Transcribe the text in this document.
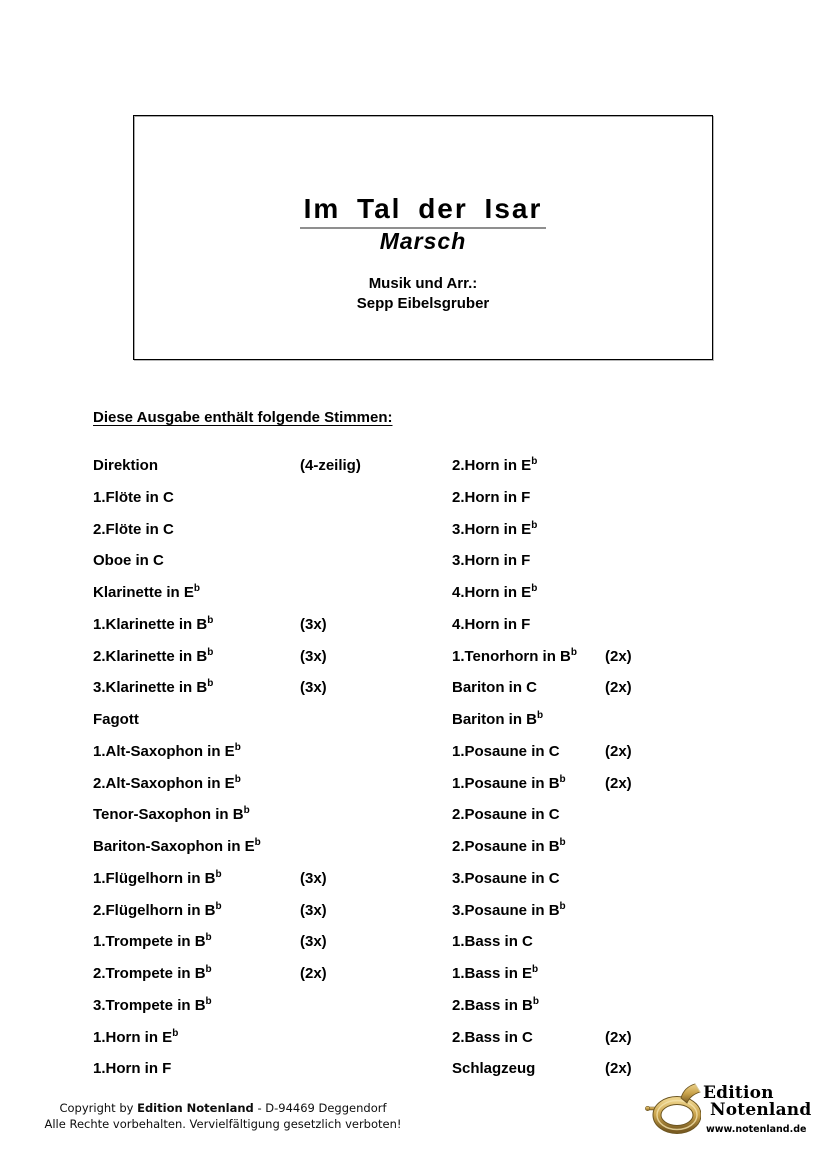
Im Tal der Isar
Marsch
Musik und Arr.:
Sepp Eibelsgruber
Diese Ausgabe enthält folgende Stimmen:
Direktion	(4-zeilig)
1.Flöte in C
2.Flöte in C
Oboe in C
Klarinette in $E^b$
1.Klarinette in $B^b$	(3x)
2.Klarinette in $B^b$	(3x)
3.Klarinette in $B^b$	(3x)
Fagott
1.Alt-Saxophon in $E^b$
2.Alt-Saxophon in $E^b$
Tenor-Saxophon in $B^b$
Bariton-Saxophon in $E^b$
1.Flügelhorn in $B^b$	(3x)
2.Flügelhorn in $B^b$	(3x)
1.Trompete in $B^b$	(3x)
2.Trompete in $B^b$	(2x)
3.Trompete in $B^b$
1.Horn in $E^b$
1.Horn in F
2.Horn in $E^b$
2.Horn in F
3.Horn in $E^b$
3.Horn in F
4.Horn in $E^b$
4.Horn in F
1.Tenorhorn in $B^b$	(2x)
Bariton in C	(2x)
Bariton in $B^b$
1.Posaune in C	(2x)
1.Posaune in $B^b$	(2x)
2.Posaune in C
2.Posaune in $B^b$
3.Posaune in C
3.Posaune in $B^b$
1.Bass in C
1.Bass in $E^b$
2.Bass in $B^b$
2.Bass in C	(2x)
Schlagzeug	(2x)
Copyright by Edition Notenland - D-94469 Deggendorf
Alle Rechte vorbehalten. Vervielfältigung gesetzlich verboten!
Edition
Notenland
www.notenland.de
